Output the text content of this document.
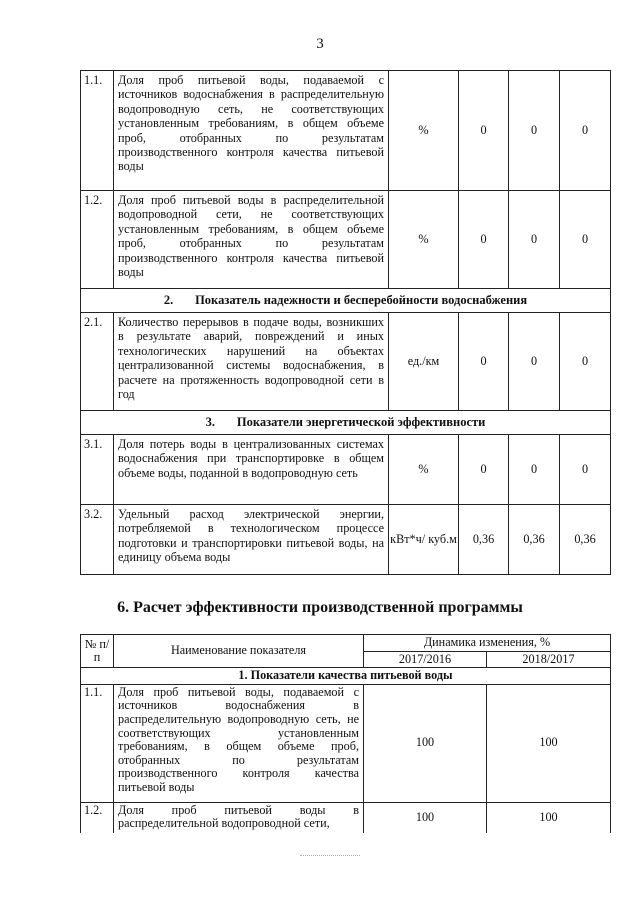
3
1.1.	Доля проб питьевой воды, подаваемой с источников водоснабжения в распределительную водопроводную сеть, не соответствующих установленным требованиям, в общем объеме проб, отобранных по результатам производственного контроля качества питьевой воды	%	0	0	0
1.2.	Доля проб питьевой воды в распределительной водопроводной сети, не соответствующих установленным требованиям, в общем объеме проб, отобранных по результатам производственного контроля качества питьевой воды	%	0	0	0
2. Показатель надежности и бесперебойности водоснабжения					
2.1.	Количество перерывов в подаче воды, возникших в результате аварий, повреждений и иных технологических нарушений на объектах централизованной системы водоснабжения, в расчете на протяженность водопроводной сети в год	ед./км	0	0	0
3. Показатели энергетической эффективности					
3.1.	Доля потерь воды в централизованных системах водоснабжения при транспортировке в общем объеме воды, поданной в водопроводную сеть	%	0	0	0
3.2.	Удельный расход электрической энергии, потребляемой в технологическом процессе подготовки и транспортировки питьевой воды, на единицу объема воды	кВт*ч/ куб.м	0,36	0,36	0,36
6. Расчет эффективности производственной программы
№ п/п	Наименование показателя	Динамика изменения, %	
		2017/2016	2018/2017
1. Показатели качества питьевой воды			
1.1.	Доля проб питьевой воды, подаваемой с источников водоснабжения в распределительную водопроводную сеть, не соответствующих установленным требованиям, в общем объеме проб, отобранных по результатам производственного контроля качества питьевой воды	100	100
1.2.	Доля проб питьевой воды в распределительной водопроводной сети,	100	100
